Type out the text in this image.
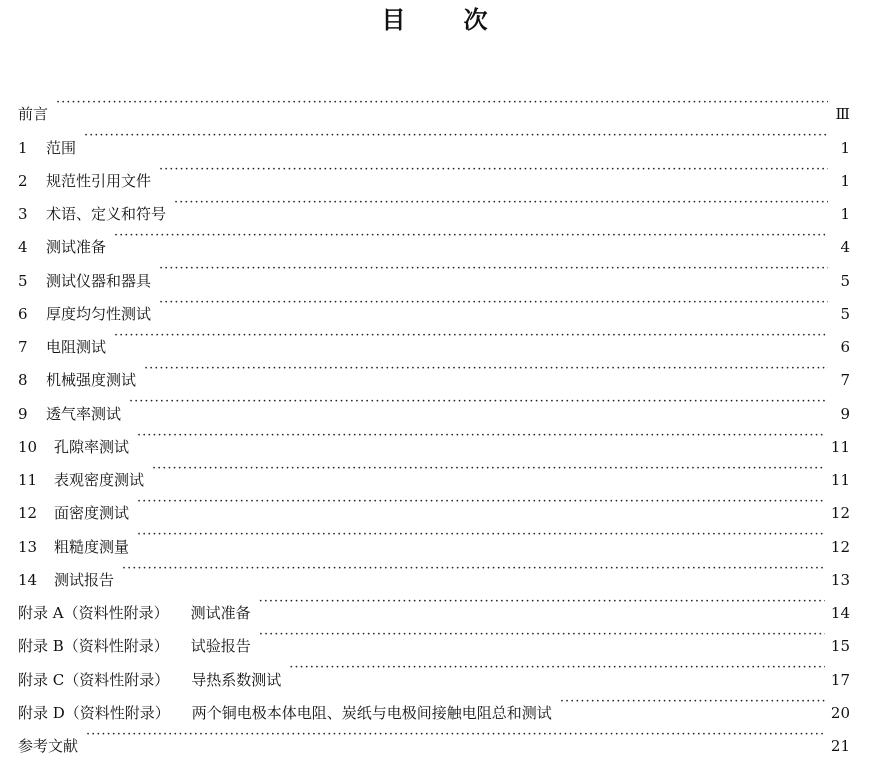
目次
前言 ·····	Ⅲ
1	范围 ·····	1
2	规范性引用文件 ·····	1
3	术语、定义和符号 ·····	1
4	测试准备 ·····	4
5	测试仪器和器具 ·····	5
6	厚度均匀性测试 ·····	5
7	电阻测试 ·····	6
8	机械强度测试 ·····	7
9	透气率测试 ·····	9
10	孔隙率测试 ·····	11
11	表观密度测试 ·····	11
12	面密度测试 ·····	12
13	粗糙度测量 ·····	12
14	测试报告 ·····	13
附录 A（资料性附录） 测试准备 ·····	14
附录 B（资料性附录） 试验报告 ·····	15
附录 C（资料性附录） 导热系数测试 ·····	17
附录 D（资料性附录） 两个铜电极本体电阻、炭纸与电极间接触电阻总和测试 ·····	20
参考文献 ·····	21
